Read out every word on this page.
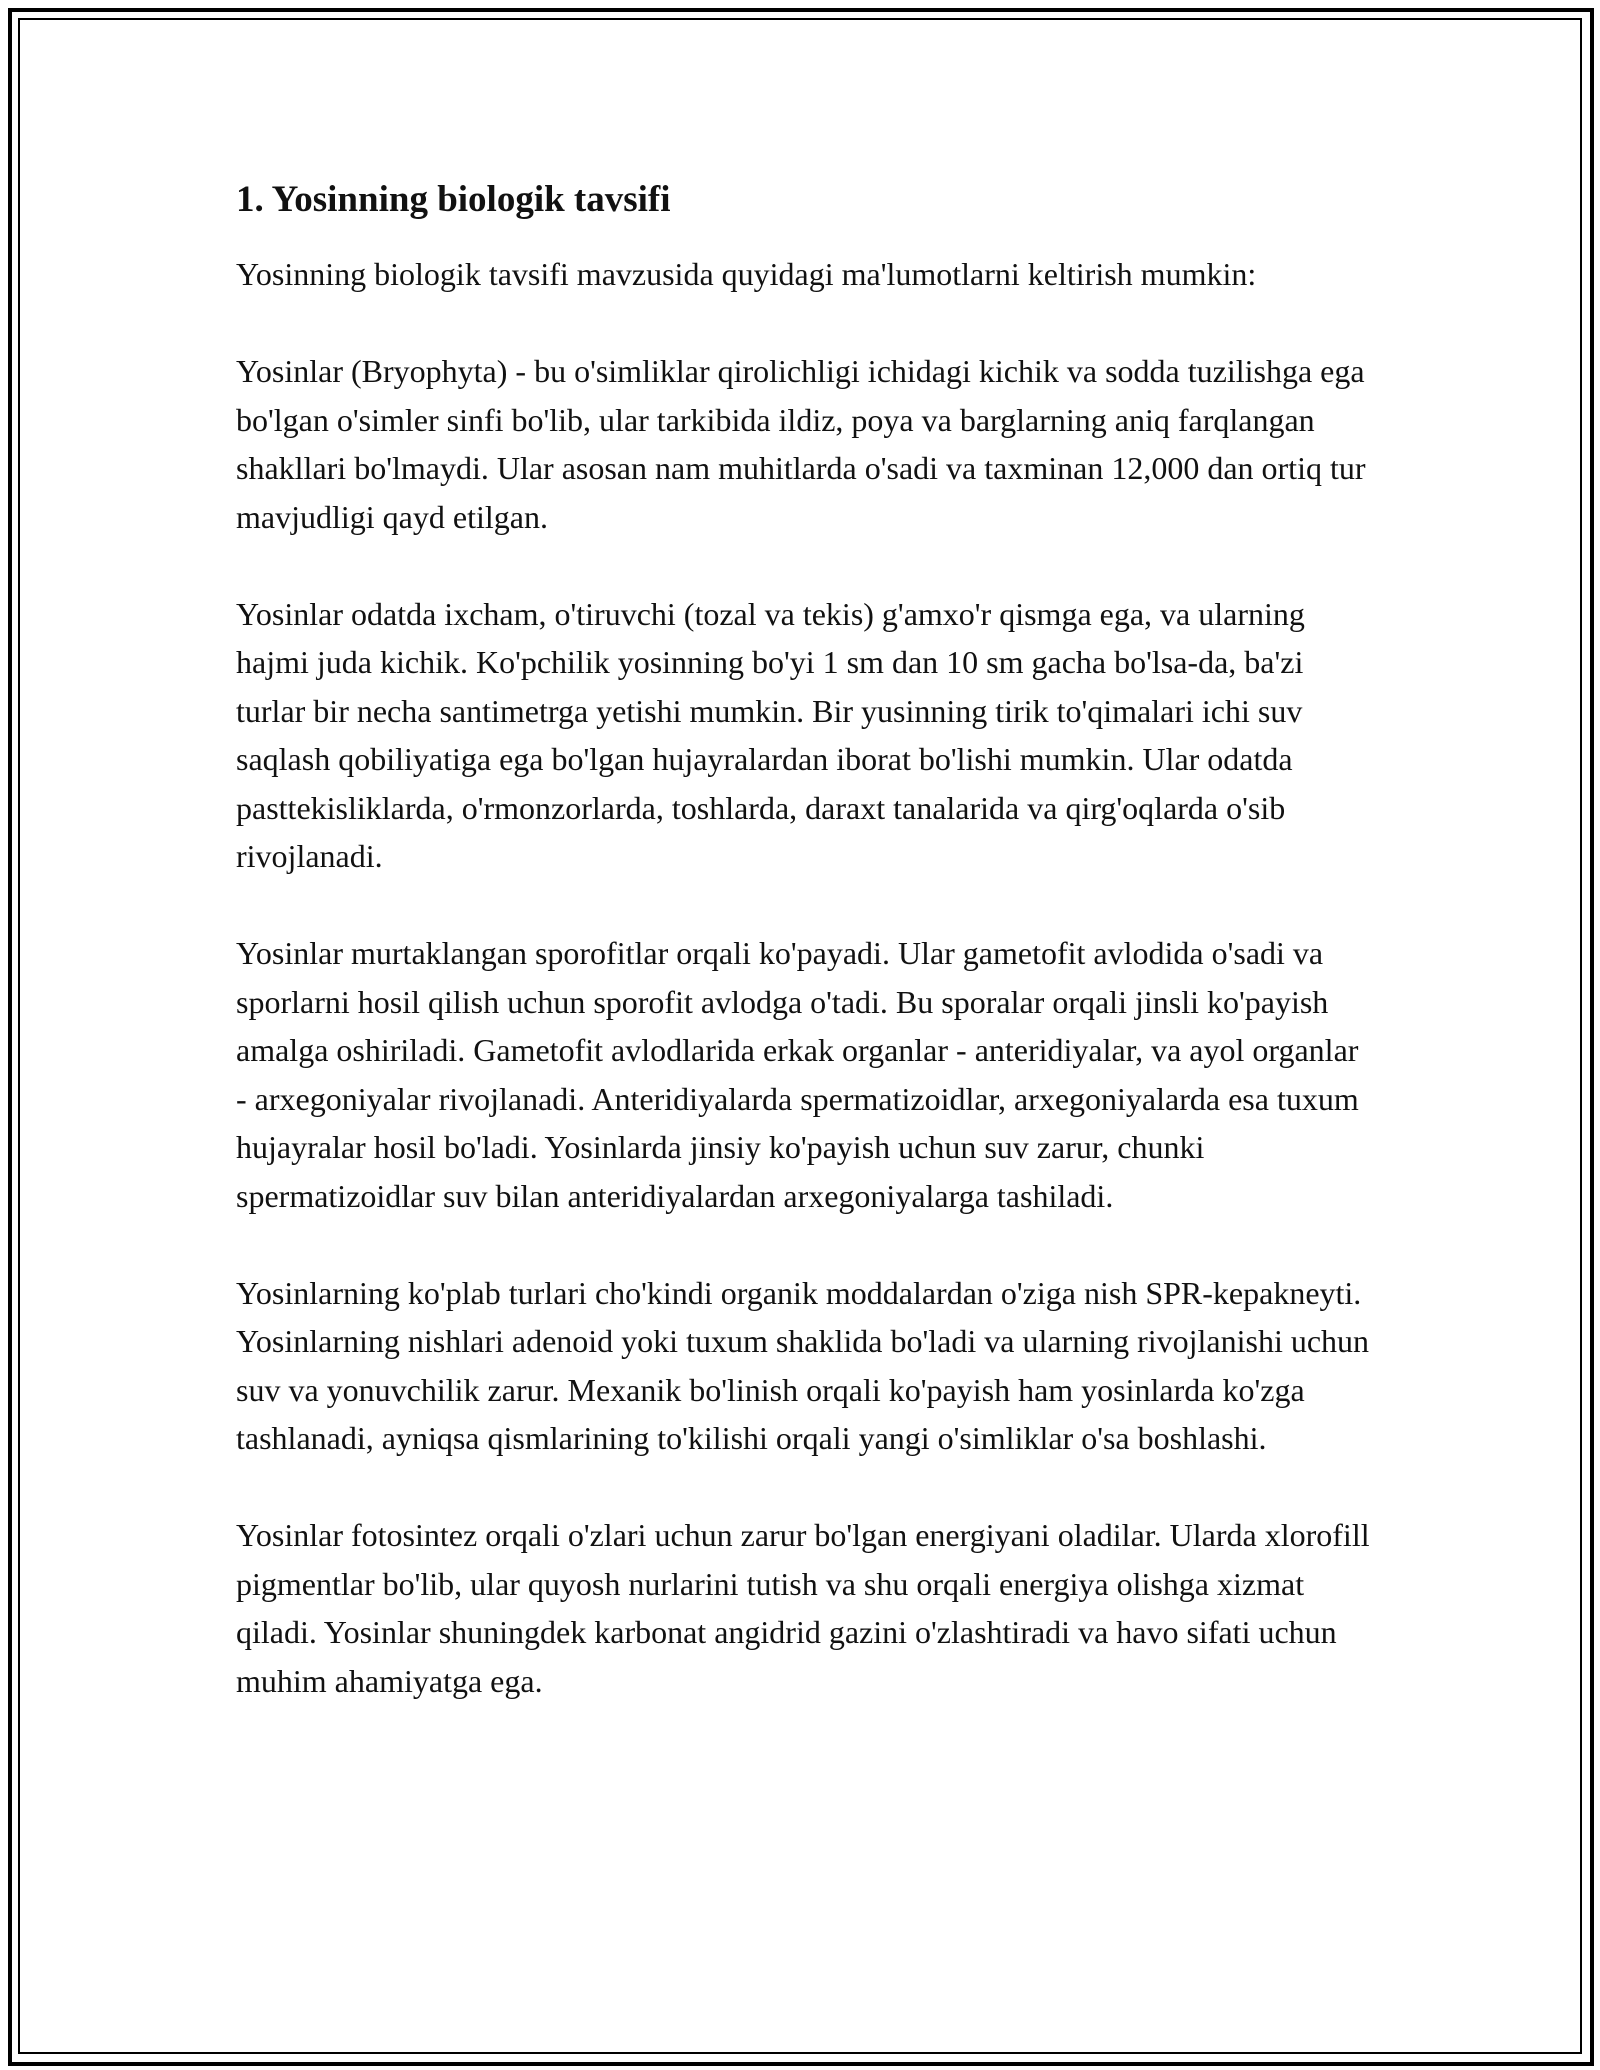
1. Yosinning biologik tavsifi

Yosinning biologik tavsifi mavzusida quyidagi ma'lumotlarni keltirish mumkin:

Yosinlar (Bryophyta) - bu o'simliklar qirolichligi ichidagi kichik va sodda tuzilishga ega bo'lgan o'simler sinfi bo'lib, ular tarkibida ildiz, poya va barglarning aniq farqlangan shakllari bo'lmaydi. Ular asosan nam muhitlarda o'sadi va taxminan 12,000 dan ortiq tur mavjudligi qayd etilgan.

Yosinlar odatda ixcham, o'tiruvchi (tozal va tekis) g'amxo'r qismga ega, va ularning hajmi juda kichik. Ko'pchilik yosinning bo'yi 1 sm dan 10 sm gacha bo'lsa-da, ba'zi turlar bir necha santimetrga yetishi mumkin. Bir yusinning tirik to'qimalari ichi suv saqlash qobiliyatiga ega bo'lgan hujayralardan iborat bo'lishi mumkin. Ular odatda pasttekisliklarda, o'rmonzorlarda, toshlarda, daraxt tanalarida va qirg'oqlarda o'sib rivojlanadi.

Yosinlar murtaklangan sporofitlar orqali ko'payadi. Ular gametofit avlodida o'sadi va sporlarni hosil qilish uchun sporofit avlodga o'tadi. Bu sporalar orqali jinsli ko'payish amalga oshiriladi. Gametofit avlodlarida erkak organlar - anteridiyalar, va ayol organlar - arxegoniyalar rivojlanadi. Anteridiyalarda spermatizoidlar, arxegoniyalarda esa tuxum hujayralar hosil bo'ladi. Yosinlarda jinsiy ko'payish uchun suv zarur, chunki spermatizoidlar suv bilan anteridiyalardan arxegoniyalarga tashiladi.

Yosinlarning ko'plab turlari cho'kindi organik moddalardan o'ziga nish SPR-kepakneyti. Yosinlarning nishlari adenoid yoki tuxum shaklida bo'ladi va ularning rivojlanishi uchun suv va yonuvchilik zarur. Mexanik bo'linish orqali ko'payish ham yosinlarda ko'zga tashlanadi, ayniqsa qismlarining to'kilishi orqali yangi o'simliklar o'sa boshlashi.

Yosinlar fotosintez orqali o'zlari uchun zarur bo'lgan energiyani oladilar. Ularda xlorofill pigmentlar bo'lib, ular quyosh nurlarini tutish va shu orqali energiya olishga xizmat qiladi. Yosinlar shuningdek karbonat angidrid gazini o'zlashtiradi va havo sifati uchun muhim ahamiyatga ega.
